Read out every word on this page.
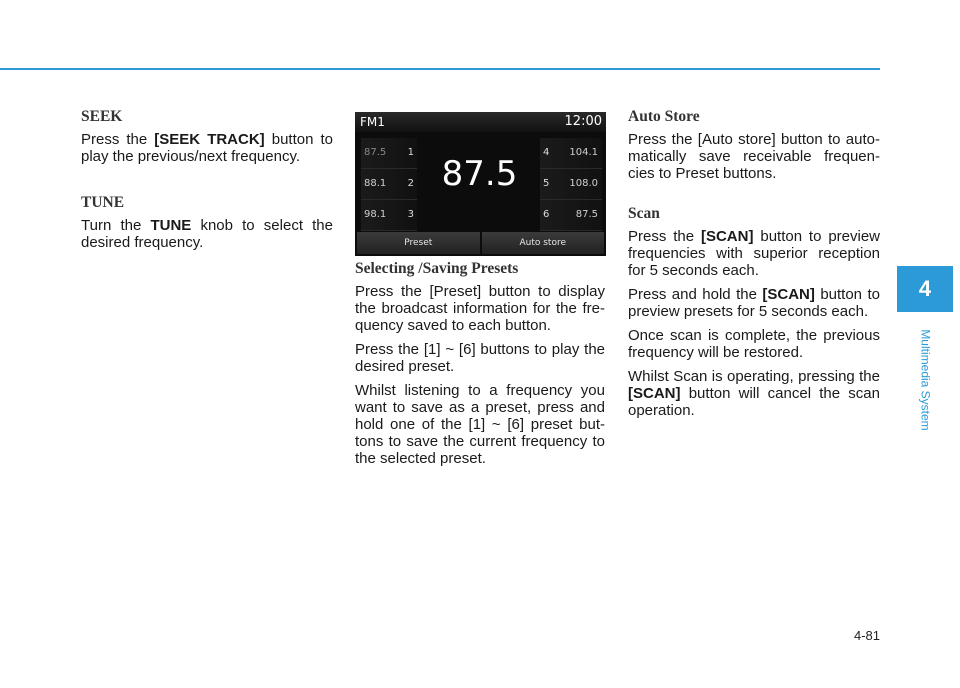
SEEK

Press the [SEEK TRACK] button to play the previous/next frequency.

TUNE

Turn the TUNE knob to select the desired frequency.

FM1	12:00
87.5 1
88.1 2
98.1 3
87.5
4 104.1
5 108.0
6	87.5
Preset	Auto store
Selecting /Saving Presets

Press the [Preset] button to display the broadcast information for the fre-quency saved to each button.

Press the [1] ~ [6] buttons to play the desired preset.

Whilst listening to a frequency you want to save as a preset, press and hold one of the [1] ~ [6] preset but-tons to save the current frequency to the selected preset.

Auto Store

Press the [Auto store] button to auto-matically save receivable frequen-cies to Preset buttons.

Scan

Press the [SCAN] button to preview frequencies with superior reception for 5 seconds each.

Press and hold the [SCAN] button to preview presets for 5 seconds each.

Once scan is complete, the previous frequency will be restored.

Whilst Scan is operating, pressing the [SCAN] button will cancel the scan operation.

4
Multimedia System
4-81
